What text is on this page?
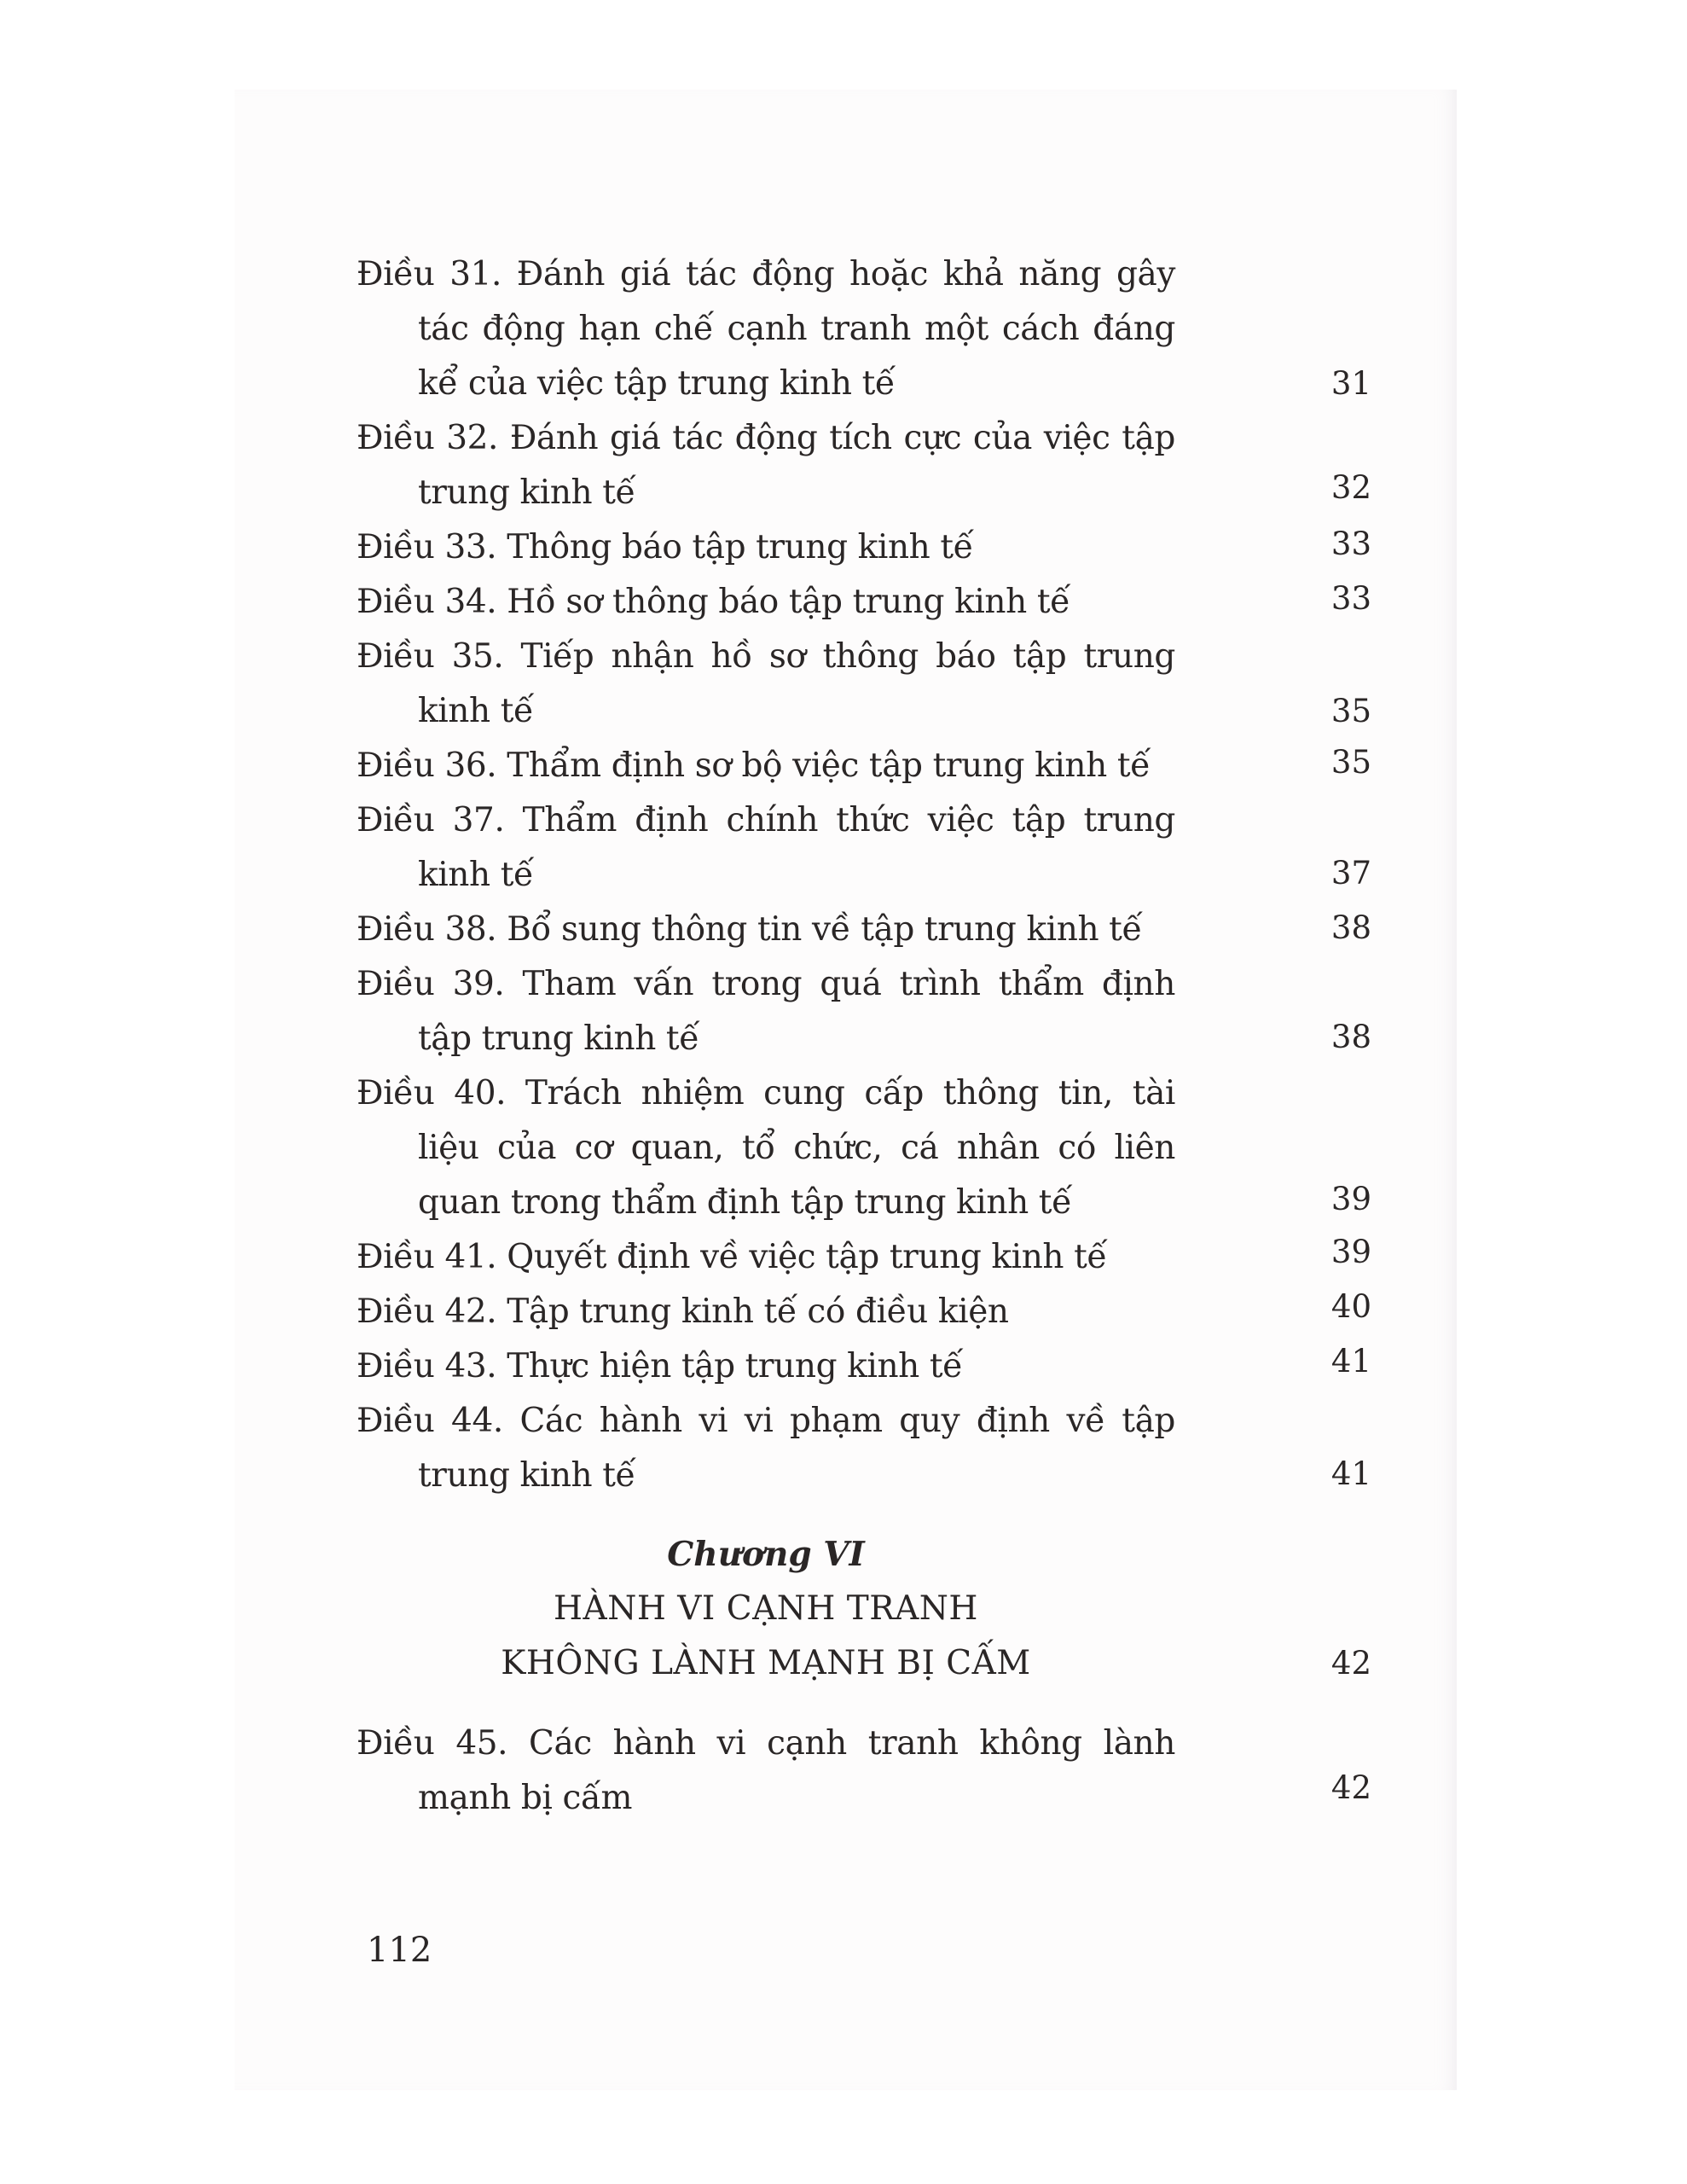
Điều 31. Đánh giá tác động hoặc khả năng gây
tác động hạn chế cạnh tranh một cách đáng
kể của việc tập trung kinh tế	31
Điều 32. Đánh giá tác động tích cực của việc tập
trung kinh tế	32
Điều 33. Thông báo tập trung kinh tế	33
Điều 34. Hồ sơ thông báo tập trung kinh tế	33
Điều 35. Tiếp nhận hồ sơ thông báo tập trung
kinh tế	35
Điều 36. Thẩm định sơ bộ việc tập trung kinh tế	35
Điều 37. Thẩm định chính thức việc tập trung
kinh tế	37
Điều 38. Bổ sung thông tin về tập trung kinh tế	38
Điều 39. Tham vấn trong quá trình thẩm định
tập trung kinh tế	38
Điều 40. Trách nhiệm cung cấp thông tin, tài
liệu của cơ quan, tổ chức, cá nhân có liên
quan trong thẩm định tập trung kinh tế	39
Điều 41. Quyết định về việc tập trung kinh tế	39
Điều 42. Tập trung kinh tế có điều kiện	40
Điều 43. Thực hiện tập trung kinh tế	41
Điều 44. Các hành vi vi phạm quy định về tập
trung kinh tế	41
Chương VI
HÀNH VI CẠNH TRANH
KHÔNG LÀNH MẠNH BỊ CẤM	42
Điều 45. Các hành vi cạnh tranh không lành
mạnh bị cấm	42
112
